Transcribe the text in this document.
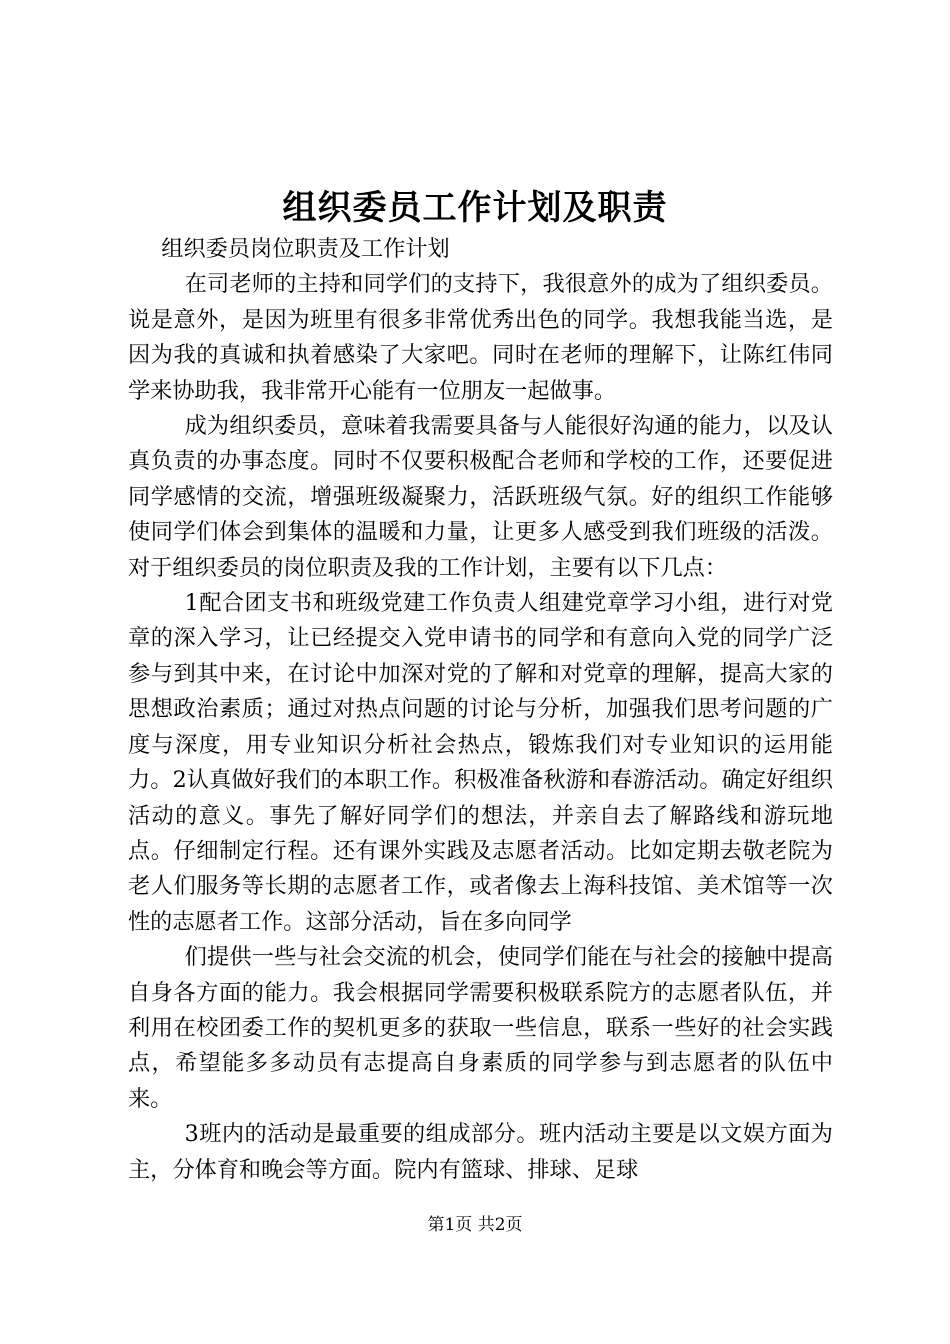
组织委员工作计划及职责

组织委员岗位职责及工作计划

在司老师的主持和同学们的支持下，我很意外的成为了组织委员。说是意外，是因为班里有很多非常优秀出色的同学。我想我能当选，是因为我的真诚和执着感染了大家吧。同时在老师的理解下，让陈红伟同学来协助我，我非常开心能有一位朋友一起做事。

成为组织委员，意味着我需要具备与人能很好沟通的能力，以及认真负责的办事态度。同时不仅要积极配合老师和学校的工作，还要促进同学感情的交流，增强班级凝聚力，活跃班级气氛。好的组织工作能够使同学们体会到集体的温暖和力量，让更多人感受到我们班级的活泼。对于组织委员的岗位职责及我的工作计划，主要有以下几点：

1配合团支书和班级党建工作负责人组建党章学习小组，进行对党章的深入学习，让已经提交入党申请书的同学和有意向入党的同学广泛参与到其中来，在讨论中加深对党的了解和对党章的理解，提高大家的思想政治素质；通过对热点问题的讨论与分析，加强我们思考问题的广度与深度，用专业知识分析社会热点，锻炼我们对专业知识的运用能力。2认真做好我们的本职工作。积极准备秋游和春游活动。确定好组织活动的意义。事先了解好同学们的想法，并亲自去了解路线和游玩地点。仔细制定行程。还有课外实践及志愿者活动。比如定期去敬老院为老人们服务等长期的志愿者工作，或者像去上海科技馆、美术馆等一次性的志愿者工作。这部分活动，旨在多向同学

们提供一些与社会交流的机会，使同学们能在与社会的接触中提高自身各方面的能力。我会根据同学需要积极联系院方的志愿者队伍，并利用在校团委工作的契机更多的获取一些信息，联系一些好的社会实践点，希望能多多动员有志提高自身素质的同学参与到志愿者的队伍中来。

3班内的活动是最重要的组成部分。班内活动主要是以文娱方面为主，分体育和晚会等方面。院内有篮球、排球、足球

第1页 共2页
